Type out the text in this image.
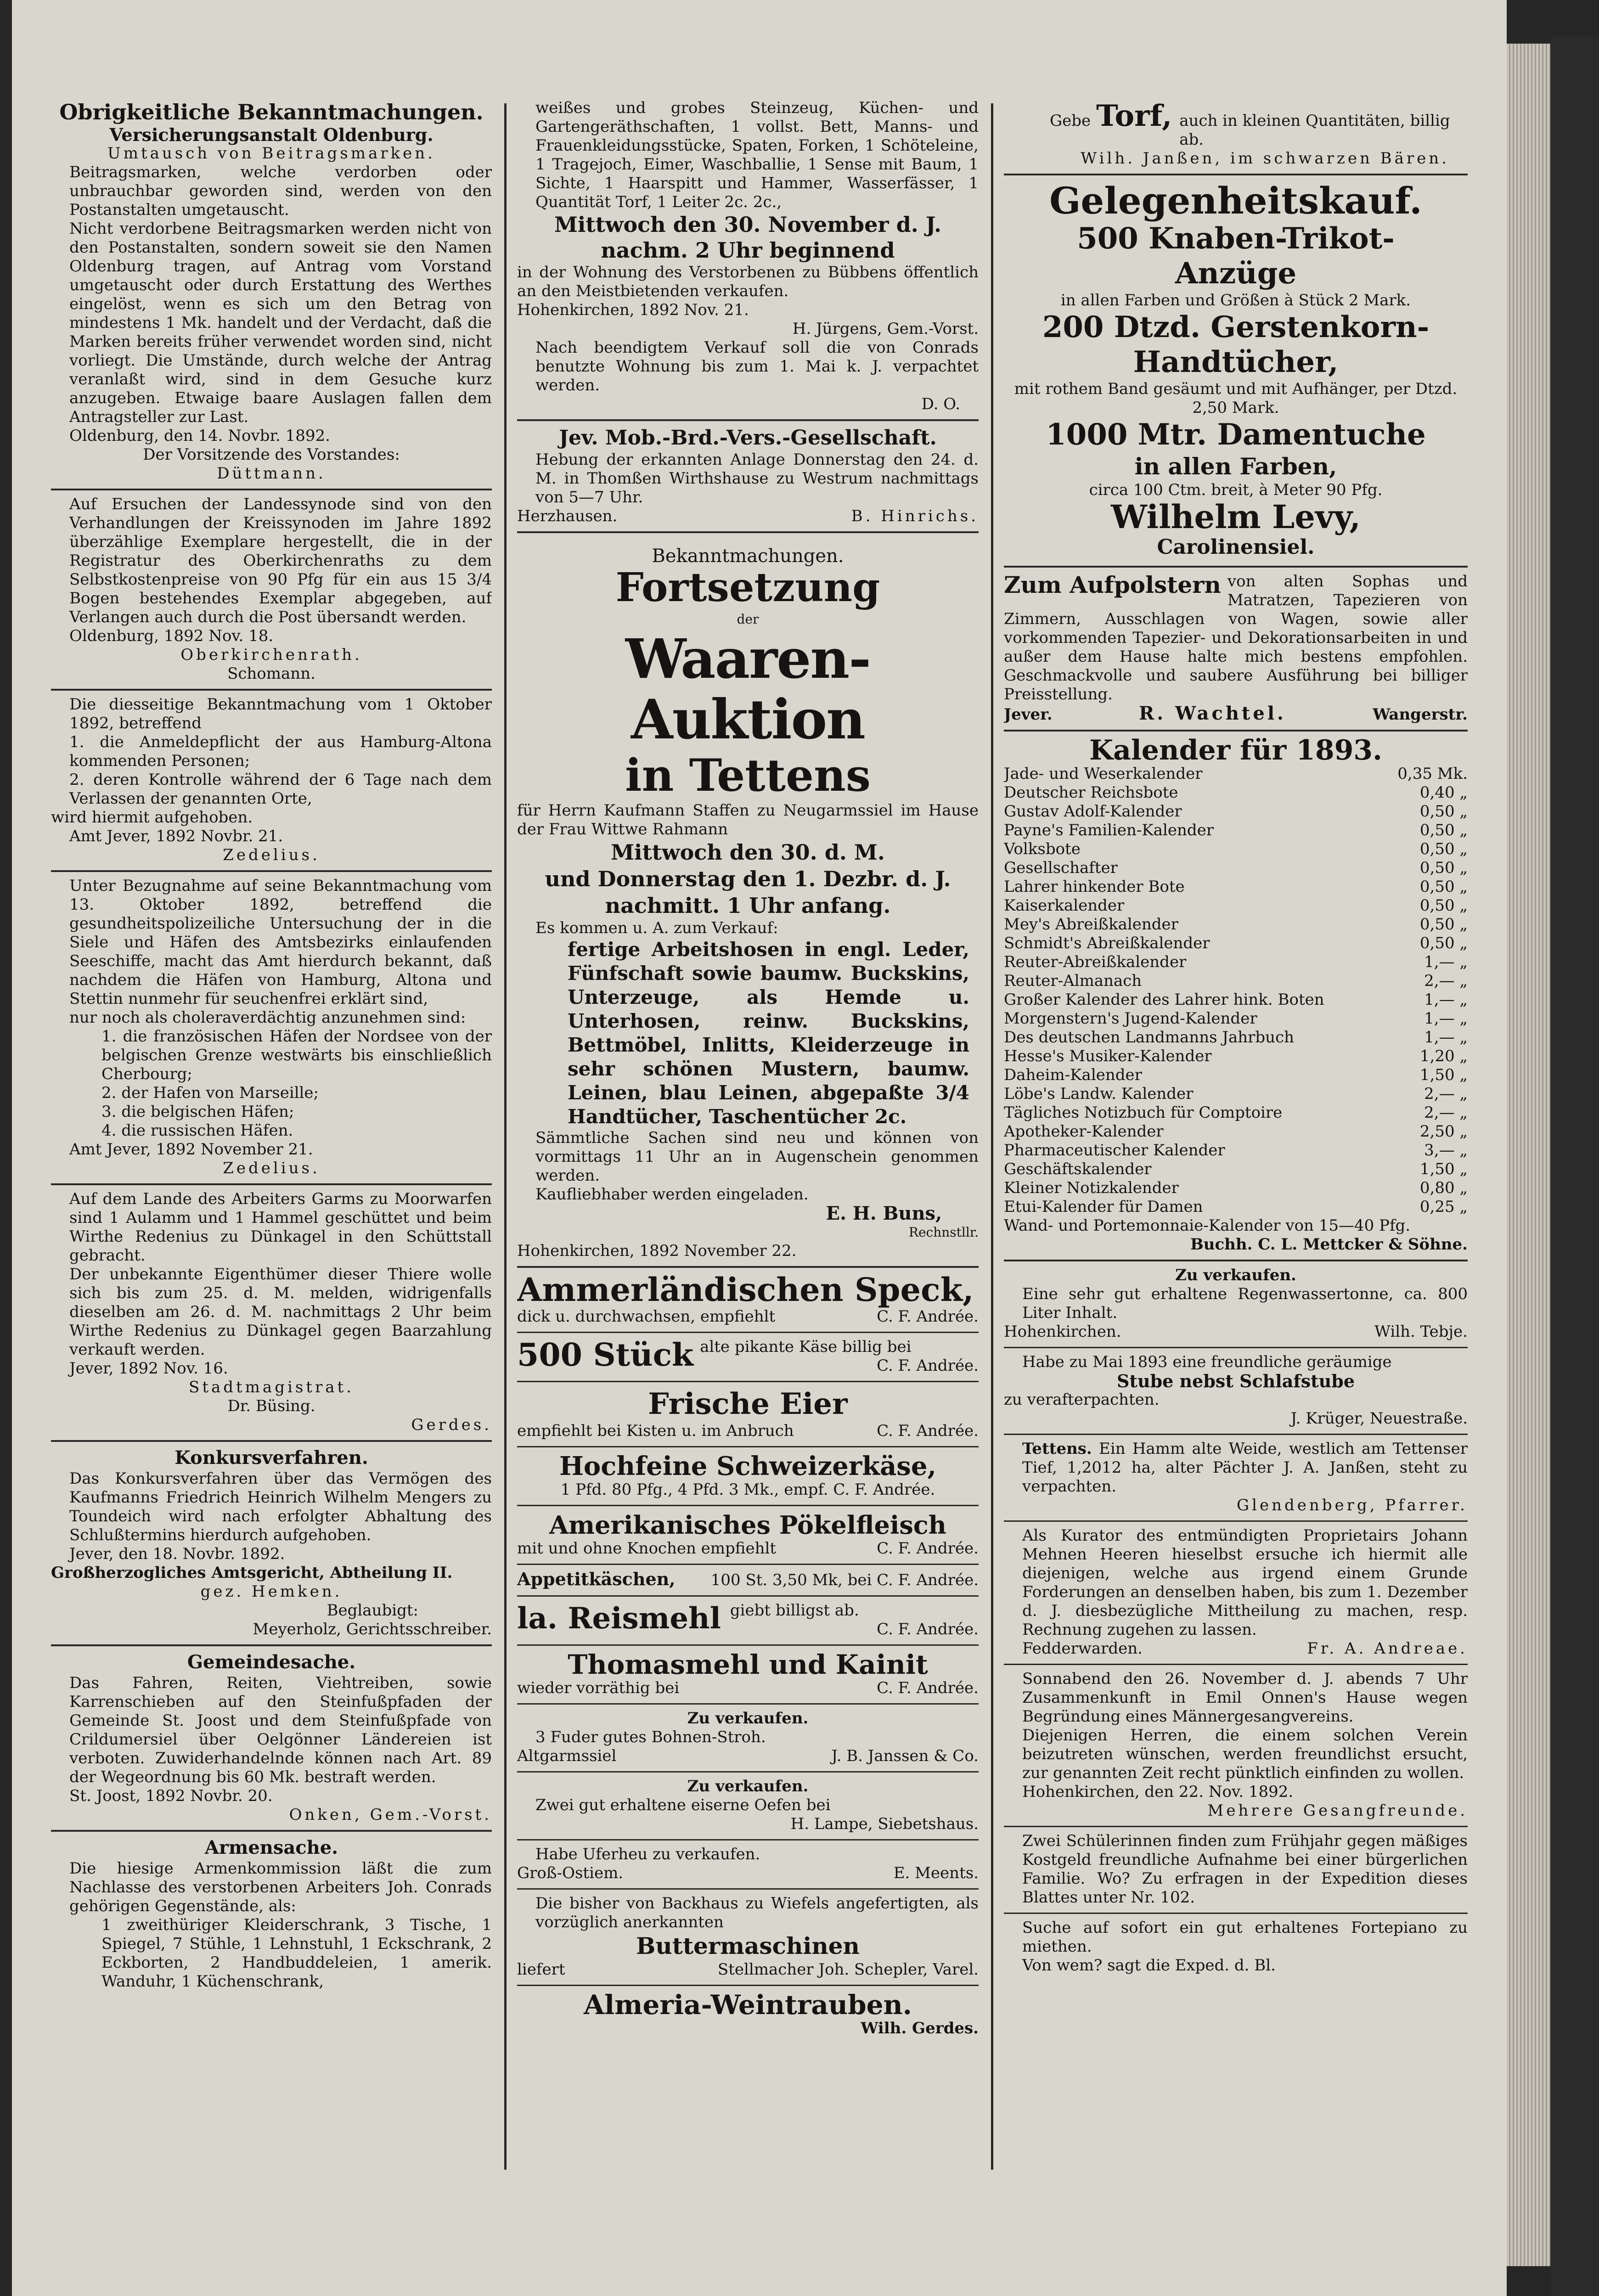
Obrigkeitliche Bekanntmachungen.
Versicherungsanstalt Oldenburg.
Umtausch von Beitragsmarken.
Beitragsmarken, welche verdorben oder unbrauchbar geworden sind, werden von den Postanstalten umgetauscht.
Nicht verdorbene Beitragsmarken werden nicht von den Postanstalten, sondern soweit sie den Namen Oldenburg tragen, auf Antrag vom Vorstand umgetauscht oder durch Erstattung des Werthes eingelöst, wenn es sich um den Betrag von mindestens 1 Mk. handelt und der Verdacht, daß die Marken bereits früher verwendet worden sind, nicht vorliegt. Die Umstände, durch welche der Antrag veranlaßt wird, sind in dem Gesuche kurz anzugeben. Etwaige baare Auslagen fallen dem Antragsteller zur Last.
Oldenburg, den 14. Novbr. 1892.
Der Vorsitzende des Vorstandes:
Düttmann.
Auf Ersuchen der Landessynode sind von den Verhandlungen der Kreissynoden im Jahre 1892 überzählige Exemplare hergestellt, die in der Registratur des Oberkirchenraths zu dem Selbstkostenpreise von 90 Pfg für ein aus 15 3/4 Bogen bestehendes Exemplar abgegeben, auf Verlangen auch durch die Post übersandt werden.
Oldenburg, 1892 Nov. 18.
Oberkirchenrath.
Schomann.
Die diesseitige Bekanntmachung vom 1 Oktober 1892, betreffend
1. die Anmeldepflicht der aus Hamburg-Altona kommenden Personen;
2. deren Kontrolle während der 6 Tage nach dem Verlassen der genannten Orte,
wird hiermit aufgehoben.
Amt Jever, 1892 Novbr. 21.
Zedelius.
Unter Bezugnahme auf seine Bekanntmachung vom 13. Oktober 1892, betreffend die gesundheitspolizeiliche Untersuchung der in die Siele und Häfen des Amtsbezirks einlaufenden Seeschiffe, macht das Amt hierdurch bekannt, daß nachdem die Häfen von Hamburg, Altona und Stettin nunmehr für seuchenfrei erklärt sind,
nur noch als choleraverdächtig anzunehmen sind:
1. die französischen Häfen der Nordsee von der belgischen Grenze westwärts bis einschließlich Cherbourg;
2. der Hafen von Marseille;
3. die belgischen Häfen;
4. die russischen Häfen.
Amt Jever, 1892 November 21.
Zedelius.
Auf dem Lande des Arbeiters Garms zu Moorwarfen sind 1 Aulamm und 1 Hammel geschüttet und beim Wirthe Redenius zu Dünkagel in den Schüttstall gebracht.
Der unbekannte Eigenthümer dieser Thiere wolle sich bis zum 25. d. M. melden, widrigenfalls dieselben am 26. d. M. nachmittags 2 Uhr beim Wirthe Redenius zu Dünkagel gegen Baarzahlung verkauft werden.
Jever, 1892 Nov. 16.
Stadtmagistrat.
Dr. Büsing.
Gerdes.
Konkursverfahren.
Das Konkursverfahren über das Vermögen des Kaufmanns Friedrich Heinrich Wilhelm Mengers zu Toundeich wird nach erfolgter Abhaltung des Schlußtermins hierdurch aufgehoben.
Jever, den 18. Novbr. 1892.
Großherzogliches Amtsgericht, Abtheilung II.
gez. Hemken.
Beglaubigt:
Meyerholz, Gerichtsschreiber.
Gemeindesache.
Das Fahren, Reiten, Viehtreiben, sowie Karrenschieben auf den Steinfußpfaden der Gemeinde St. Joost und dem Steinfußpfade von Crildumersiel über Oelgönner Ländereien ist verboten. Zuwiderhandelnde können nach Art. 89 der Wegeordnung bis 60 Mk. bestraft werden.
St. Joost, 1892 Novbr. 20.
Onken, Gem.-Vorst.
Armensache.
Die hiesige Armenkommission läßt die zum Nachlasse des verstorbenen Arbeiters Joh. Conrads gehörigen Gegenstände, als:
1 zweithüriger Kleiderschrank, 3 Tische, 1 Spiegel, 7 Stühle, 1 Lehnstuhl, 1 Eckschrank, 2 Eckborten, 2 Handbuddeleien, 1 amerik. Wanduhr, 1 Küchenschrank,
weißes und grobes Steinzeug, Küchen- und Gartengeräthschaften, 1 vollst. Bett, Manns- und Frauenkleidungsstücke, Spaten, Forken, 1 Schöteleine, 1 Tragejoch, Eimer, Waschballie, 1 Sense mit Baum, 1 Sichte, 1 Haarspitt und Hammer, Wasserfässer, 1 Quantität Torf, 1 Leiter 2c. 2c.,
Mittwoch den 30. November d. J.
nachm. 2 Uhr beginnend
in der Wohnung des Verstorbenen zu Bübbens öffentlich an den Meistbietenden verkaufen.
Hohenkirchen, 1892 Nov. 21.
H. Jürgens, Gem.-Vorst.
Nach beendigtem Verkauf soll die von Conrads benutzte Wohnung bis zum 1. Mai k. J. verpachtet werden.
D. O.
Jev. Mob.-Brd.-Vers.-Gesellschaft.
Hebung der erkannten Anlage Donnerstag den 24. d. M. in Thomßen Wirthshause zu Westrum nachmittags von 5—7 Uhr.
Herzhausen.	B. Hinrichs.
Bekanntmachungen.
Fortsetzung
der
Waaren-Auktion
in Tettens
für Herrn Kaufmann Staffen zu Neugarmssiel im Hause der Frau Wittwe Rahmann
Mittwoch den 30. d. M.
und Donnerstag den 1. Dezbr. d. J.
nachmitt. 1 Uhr anfang.
Es kommen u. A. zum Verkauf:
fertige Arbeitshosen in engl. Leder, Fünfschaft sowie baumw. Buckskins, Unterzeuge, als Hemde u. Unterhosen, reinw. Buckskins, Bettmöbel, Inlitts, Kleiderzeuge in sehr schönen Mustern, baumw. Leinen, blau Leinen, abgepaßte 3/4 Handtücher, Taschentücher 2c.
Sämmtliche Sachen sind neu und können von vormittags 11 Uhr an in Augenschein genommen werden.
Kaufliebhaber werden eingeladen.
E. H. Buns,
Rechnstllr.
Hohenkirchen, 1892 November 22.
Ammerländischen Speck,
dick u. durchwachsen, empfiehlt	C. F. Andrée.
500 Stück alte pikante Käse billig bei
C. F. Andrée.
Frische Eier
empfiehlt bei Kisten u. im Anbruch	C. F. Andrée.
Hochfeine Schweizerkäse,
1 Pfd. 80 Pfg., 4 Pfd. 3 Mk., empf. C. F. Andrée.
Amerikanisches Pökelfleisch
mit und ohne Knochen empfiehlt	C. F. Andrée.
Appetitkäschen, 100 St. 3,50 Mk, bei C. F. Andrée.
la. Reismehl giebt billigst ab.
C. F. Andrée.
Thomasmehl und Kainit
wieder vorräthig bei	C. F. Andrée.
Zu verkaufen.
3 Fuder gutes Bohnen-Stroh.
Altgarmssiel	J. B. Janssen & Co.
Zu verkaufen.
Zwei gut erhaltene eiserne Oefen bei
H. Lampe, Siebetshaus.
Habe Uferheu zu verkaufen.
Groß-Ostiem.	E. Meents.
Die bisher von Backhaus zu Wiefels angefertigten, als vorzüglich anerkannten
Buttermaschinen
liefert	Stellmacher Joh. Schepler, Varel.
Almeria-Weintrauben.
Wilh. Gerdes.
Gebe Torf, auch in kleinen Quantitäten, billig ab.
Wilh. Janßen, im schwarzen Bären.
Gelegenheitskauf.
500 Knaben-Trikot-
Anzüge
in allen Farben und Größen à Stück 2 Mark.
200 Dtzd. Gerstenkorn-
Handtücher,
mit rothem Band gesäumt und mit Aufhänger, per Dtzd. 2,50 Mark.
1000 Mtr. Damentuche
in allen Farben,
circa 100 Ctm. breit, à Meter 90 Pfg.
Wilhelm Levy,
Carolinensiel.
Zum Aufpolstern von alten Sophas und Matratzen, Tapezieren von Zimmern, Ausschlagen von Wagen, sowie aller vorkommenden Tapezier- und Dekorationsarbeiten in und außer dem Hause halte mich bestens empfohlen. Geschmackvolle und saubere Ausführung bei billiger Preisstellung.
Jever.	R. Wachtel.	Wangerstr.
Kalender für 1893.
Jade- und Weserkalender	0,35 Mk.
Deutscher Reichsbote	0,40 „
Gustav Adolf-Kalender	0,50 „
Payne's Familien-Kalender	0,50 „
Volksbote	0,50 „
Gesellschafter	0,50 „
Lahrer hinkender Bote	0,50 „
Kaiserkalender	0,50 „
Mey's Abreißkalender	0,50 „
Schmidt's Abreißkalender	0,50 „
Reuter-Abreißkalender	1,— „
Reuter-Almanach	2,— „
Großer Kalender des Lahrer hink. Boten	1,— „
Morgenstern's Jugend-Kalender	1,— „
Des deutschen Landmanns Jahrbuch	1,— „
Hesse's Musiker-Kalender	1,20 „
Daheim-Kalender	1,50 „
Löbe's Landw. Kalender	2,— „
Tägliches Notizbuch für Comptoire	2,— „
Apotheker-Kalender	2,50 „
Pharmaceutischer Kalender	3,— „
Geschäftskalender	1,50 „
Kleiner Notizkalender	0,80 „
Etui-Kalender für Damen	0,25 „
Wand- und Portemonnaie-Kalender von 15—40 Pfg.
Buchh. C. L. Mettcker & Söhne.
Zu verkaufen.
Eine sehr gut erhaltene Regenwassertonne, ca. 800 Liter Inhalt.
Hohenkirchen.	Wilh. Tebje.
Habe zu Mai 1893 eine freundliche geräumige
Stube nebst Schlafstube
zu verafterpachten.
J. Krüger, Neuestraße.
Tettens. Ein Hamm alte Weide, westlich am Tettenser Tief, 1,2012 ha, alter Pächter J. A. Janßen, steht zu verpachten.
Glendenberg, Pfarrer.
Als Kurator des entmündigten Proprietairs Johann Mehnen Heeren hieselbst ersuche ich hiermit alle diejenigen, welche aus irgend einem Grunde Forderungen an denselben haben, bis zum 1. Dezember d. J. diesbezügliche Mittheilung zu machen, resp. Rechnung zugehen zu lassen.
Fedderwarden.	Fr. A. Andreae.
Sonnabend den 26. November d. J. abends 7 Uhr Zusammenkunft in Emil Onnen's Hause wegen Begründung eines Männergesangvereins.
Diejenigen Herren, die einem solchen Verein beizutreten wünschen, werden freundlichst ersucht, zur genannten Zeit recht pünktlich einfinden zu wollen.
Hohenkirchen, den 22. Nov. 1892.
Mehrere Gesangfreunde.
Zwei Schülerinnen finden zum Frühjahr gegen mäßiges Kostgeld freundliche Aufnahme bei einer bürgerlichen Familie. Wo? Zu erfragen in der Expedition dieses Blattes unter Nr. 102.
Suche auf sofort ein gut erhaltenes Fortepiano zu miethen.
Von wem? sagt die Exped. d. Bl.
